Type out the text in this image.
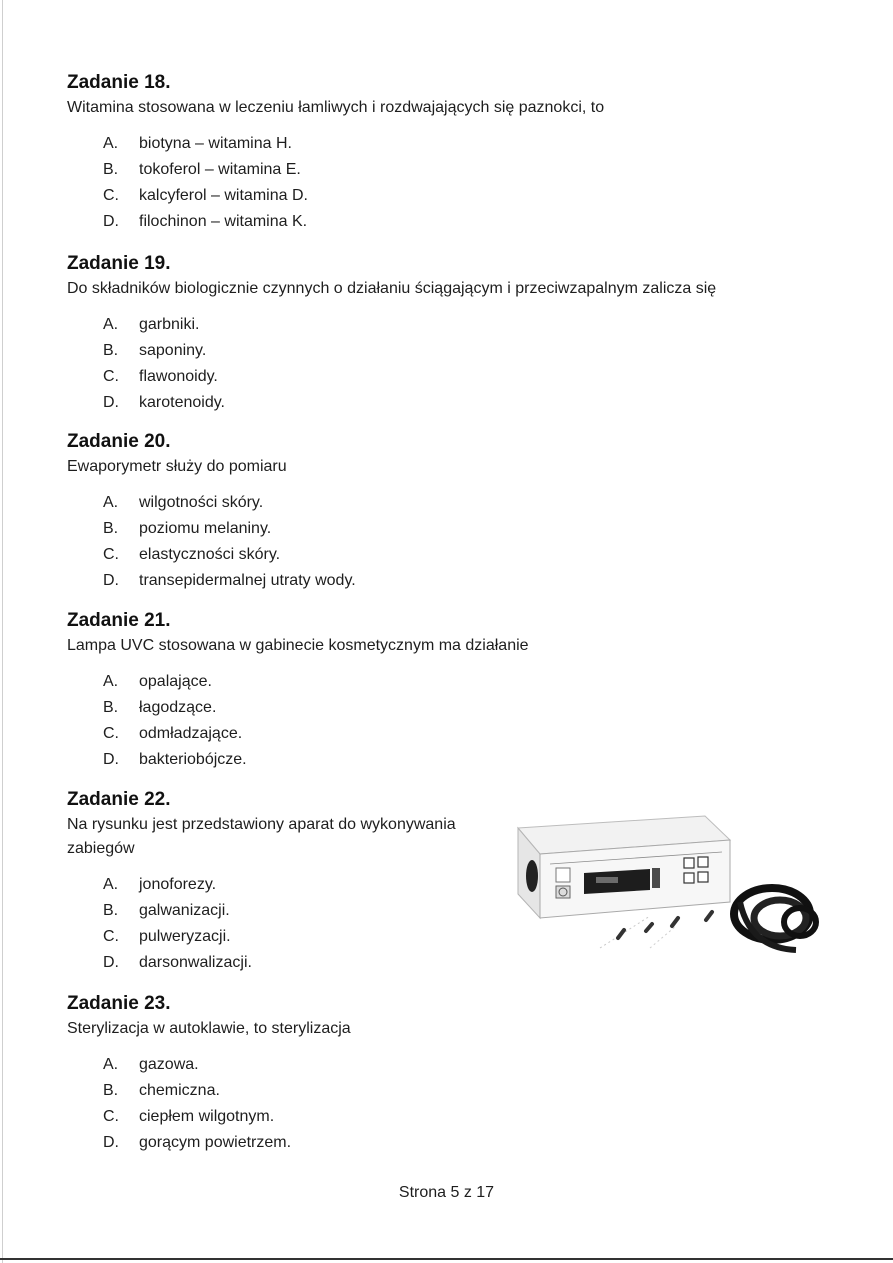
Zadanie 18.

Witamina stosowana w leczeniu łamliwych i rozdwajających się paznokci, to

A. biotyna – witamina H.
B. tokoferol – witamina E.
C. kalcyferol – witamina D.
D. filochinon – witamina K.
Zadanie 19.

Do składników biologicznie czynnych o działaniu ściągającym i przeciwzapalnym zalicza się

A. garbniki.
B. saponiny.
C. flawonoidy.
D. karotenoidy.
Zadanie 20.

Ewaporymetr służy do pomiaru

A. wilgotności skóry.
B. poziomu melaniny.
C. elastyczności skóry.
D. transepidermalnej utraty wody.
Zadanie 21.

Lampa UVC stosowana w gabinecie kosmetycznym ma działanie

A. opalające.
B. łagodzące.
C. odmładzające.
D. bakteriobójcze.
Zadanie 22.

Na rysunku jest przedstawiony aparat do wykonywania zabiegów

A. jonoforezy.
B. galwanizacji.
C. pulweryzacji.
D. darsonwalizacji.
Zadanie 23.

Sterylizacja w autoklawie, to sterylizacja

A. gazowa.
B. chemiczna.
C. ciepłem wilgotnym.
D. gorącym powietrzem.
Strona 5 z 17
